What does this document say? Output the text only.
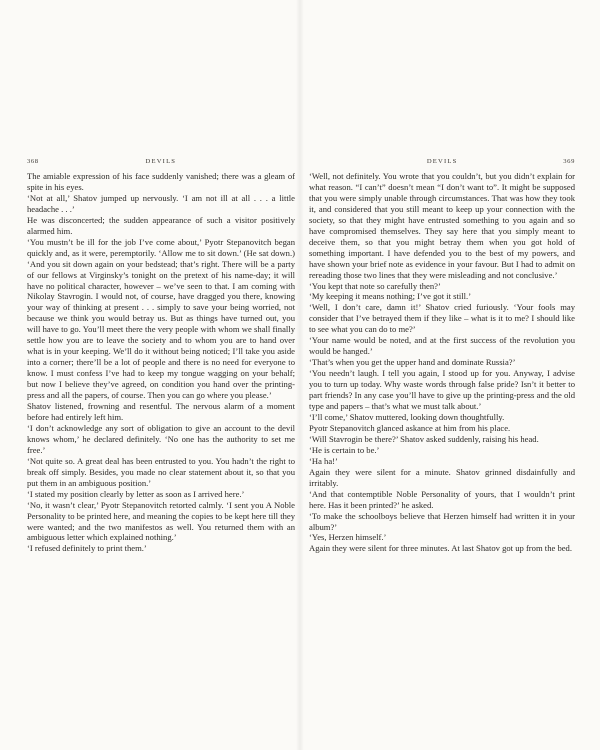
368	DEVILS

The amiable expression of his face suddenly vanished; there was a gleam of spite in his eyes.

‘Not at all,’ Shatov jumped up nervously. ‘I am not ill at all . . . a little headache . . .’

He was disconcerted; the sudden appearance of such a visitor positively alarmed him.

‘You mustn’t be ill for the job I’ve come about,’ Pyotr Stepanovitch began quickly and, as it were, peremptorily. ‘Allow me to sit down.’ (He sat down.) ‘And you sit down again on your bedstead; that’s right. There will be a party of our fellows at Virginsky’s tonight on the pretext of his name-day; it will have no political character, however – we’ve seen to that. I am coming with Nikolay Stavrogin. I would not, of course, have dragged you there, knowing your way of thinking at present . . . simply to save your being worried, not because we think you would betray us. But as things have turned out, you will have to go. You’ll meet there the very people with whom we shall finally settle how you are to leave the society and to whom you are to hand over what is in your keeping. We’ll do it without being noticed; I’ll take you aside into a corner; there’ll be a lot of people and there is no need for everyone to know. I must confess I’ve had to keep my tongue wagging on your behalf; but now I believe they’ve agreed, on condition you hand over the printing-press and all the papers, of course. Then you can go where you please.’

Shatov listened, frowning and resentful. The nervous alarm of a moment before had entirely left him.

‘I don’t acknowledge any sort of obligation to give an account to the devil knows whom,’ he declared definitely. ‘No one has the authority to set me free.’

‘Not quite so. A great deal has been entrusted to you. You hadn’t the right to break off simply. Besides, you made no clear statement about it, so that you put them in an ambiguous position.’

‘I stated my position clearly by letter as soon as I arrived here.’

‘No, it wasn’t clear,’ Pyotr Stepanovitch retorted calmly. ‘I sent you A Noble Personality to be printed here, and meaning the copies to be kept here till they were wanted; and the two manifestos as well. You returned them with an ambiguous letter which explained nothing.’

‘I refused definitely to print them.’

DEVILS	369

‘Well, not definitely. You wrote that you couldn’t, but you didn’t explain for what reason. “I can’t” doesn’t mean “I don’t want to”. It might be supposed that you were simply unable through circumstances. That was how they took it, and considered that you still meant to keep up your connection with the society, so that they might have entrusted something to you again and so have compromised themselves. They say here that you simply meant to deceive them, so that you might betray them when you got hold of something important. I have defended you to the best of my powers, and have shown your brief note as evidence in your favour. But I had to admit on rereading those two lines that they were misleading and not conclusive.’

‘You kept that note so carefully then?’

‘My keeping it means nothing; I’ve got it still.’

‘Well, I don’t care, damn it!’ Shatov cried furiously. ‘Your fools may consider that I’ve betrayed them if they like – what is it to me? I should like to see what you can do to me?’

‘Your name would be noted, and at the first success of the revolution you would be hanged.’

‘That’s when you get the upper hand and dominate Russia?’

‘You needn’t laugh. I tell you again, I stood up for you. Anyway, I advise you to turn up today. Why waste words through false pride? Isn’t it better to part friends? In any case you’ll have to give up the printing-press and the old type and papers – that’s what we must talk about.’

‘I’ll come,’ Shatov muttered, looking down thoughtfully.

Pyotr Stepanovitch glanced askance at him from his place.

‘Will Stavrogin be there?’ Shatov asked suddenly, raising his head.

‘He is certain to be.’

‘Ha ha!’

Again they were silent for a minute. Shatov grinned disdainfully and irritably.

‘And that contemptible Noble Personality of yours, that I wouldn’t print here. Has it been printed?’ he asked.

‘To make the schoolboys believe that Herzen himself had written it in your album?’

‘Yes, Herzen himself.’

Again they were silent for three minutes. At last Shatov got up from the bed.
